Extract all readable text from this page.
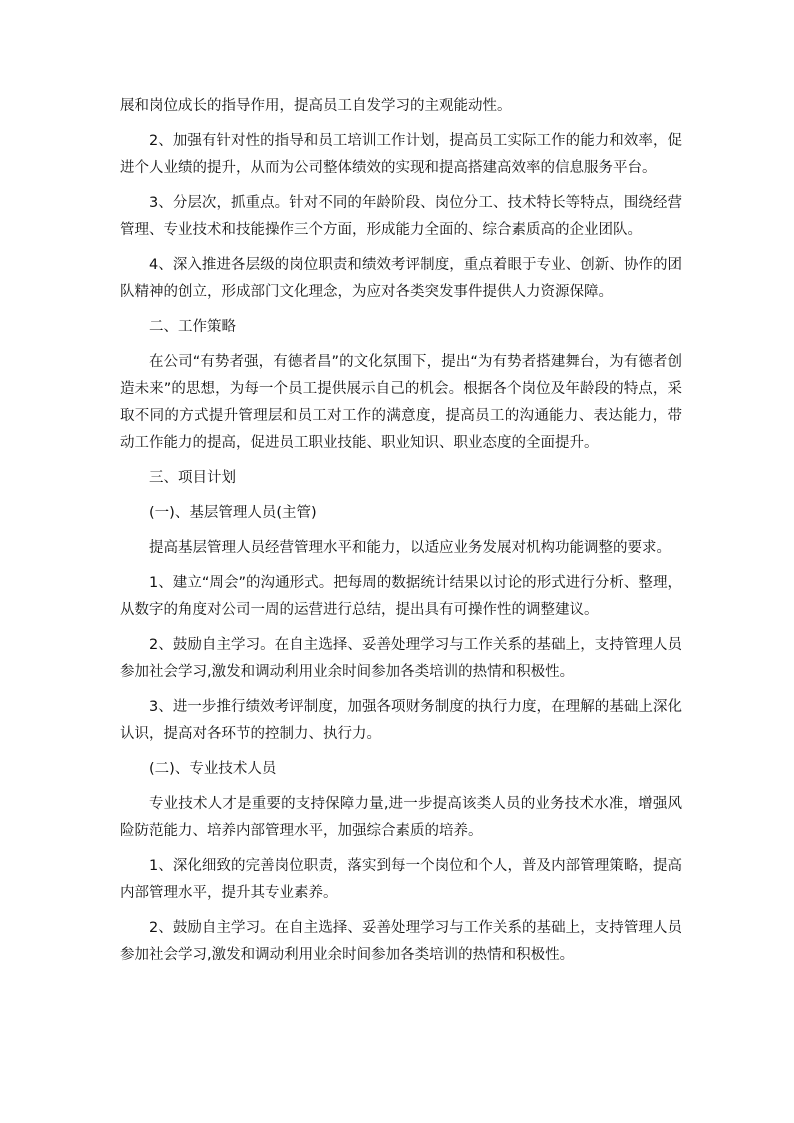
展和岗位成长的指导作用，提高员工自发学习的主观能动性。

2、加强有针对性的指导和员工培训工作计划，提高员工实际工作的能力和效率，促进个人业绩的提升，从而为公司整体绩效的实现和提高搭建高效率的信息服务平台。

3、分层次，抓重点。针对不同的年龄阶段、岗位分工、技术特长等特点，围绕经营管理、专业技术和技能操作三个方面，形成能力全面的、综合素质高的企业团队。

4、深入推进各层级的岗位职责和绩效考评制度，重点着眼于专业、创新、协作的团队精神的创立，形成部门文化理念，为应对各类突发事件提供人力资源保障。

二、工作策略

在公司“有势者强，有德者昌”的文化氛围下，提出“为有势者搭建舞台，为有德者创造未来”的思想，为每一个员工提供展示自己的机会。根据各个岗位及年龄段的特点，采取不同的方式提升管理层和员工对工作的满意度，提高员工的沟通能力、表达能力，带动工作能力的提高，促进员工职业技能、职业知识、职业态度的全面提升。

三、项目计划

(一)、基层管理人员(主管)

提高基层管理人员经营管理水平和能力，以适应业务发展对机构功能调整的要求。

1、建立“周会”的沟通形式。把每周的数据统计结果以讨论的形式进行分析、整理，从数字的角度对公司一周的运营进行总结，提出具有可操作性的调整建议。

2、鼓励自主学习。在自主选择、妥善处理学习与工作关系的基础上，支持管理人员参加社会学习,激发和调动利用业余时间参加各类培训的热情和积极性。

3、进一步推行绩效考评制度，加强各项财务制度的执行力度，在理解的基础上深化认识，提高对各环节的控制力、执行力。

(二)、专业技术人员

专业技术人才是重要的支持保障力量,进一步提高该类人员的业务技术水准，增强风险防范能力、培养内部管理水平，加强综合素质的培养。

1、深化细致的完善岗位职责，落实到每一个岗位和个人，普及内部管理策略，提高内部管理水平，提升其专业素养。

2、鼓励自主学习。在自主选择、妥善处理学习与工作关系的基础上，支持管理人员参加社会学习,激发和调动利用业余时间参加各类培训的热情和积极性。
